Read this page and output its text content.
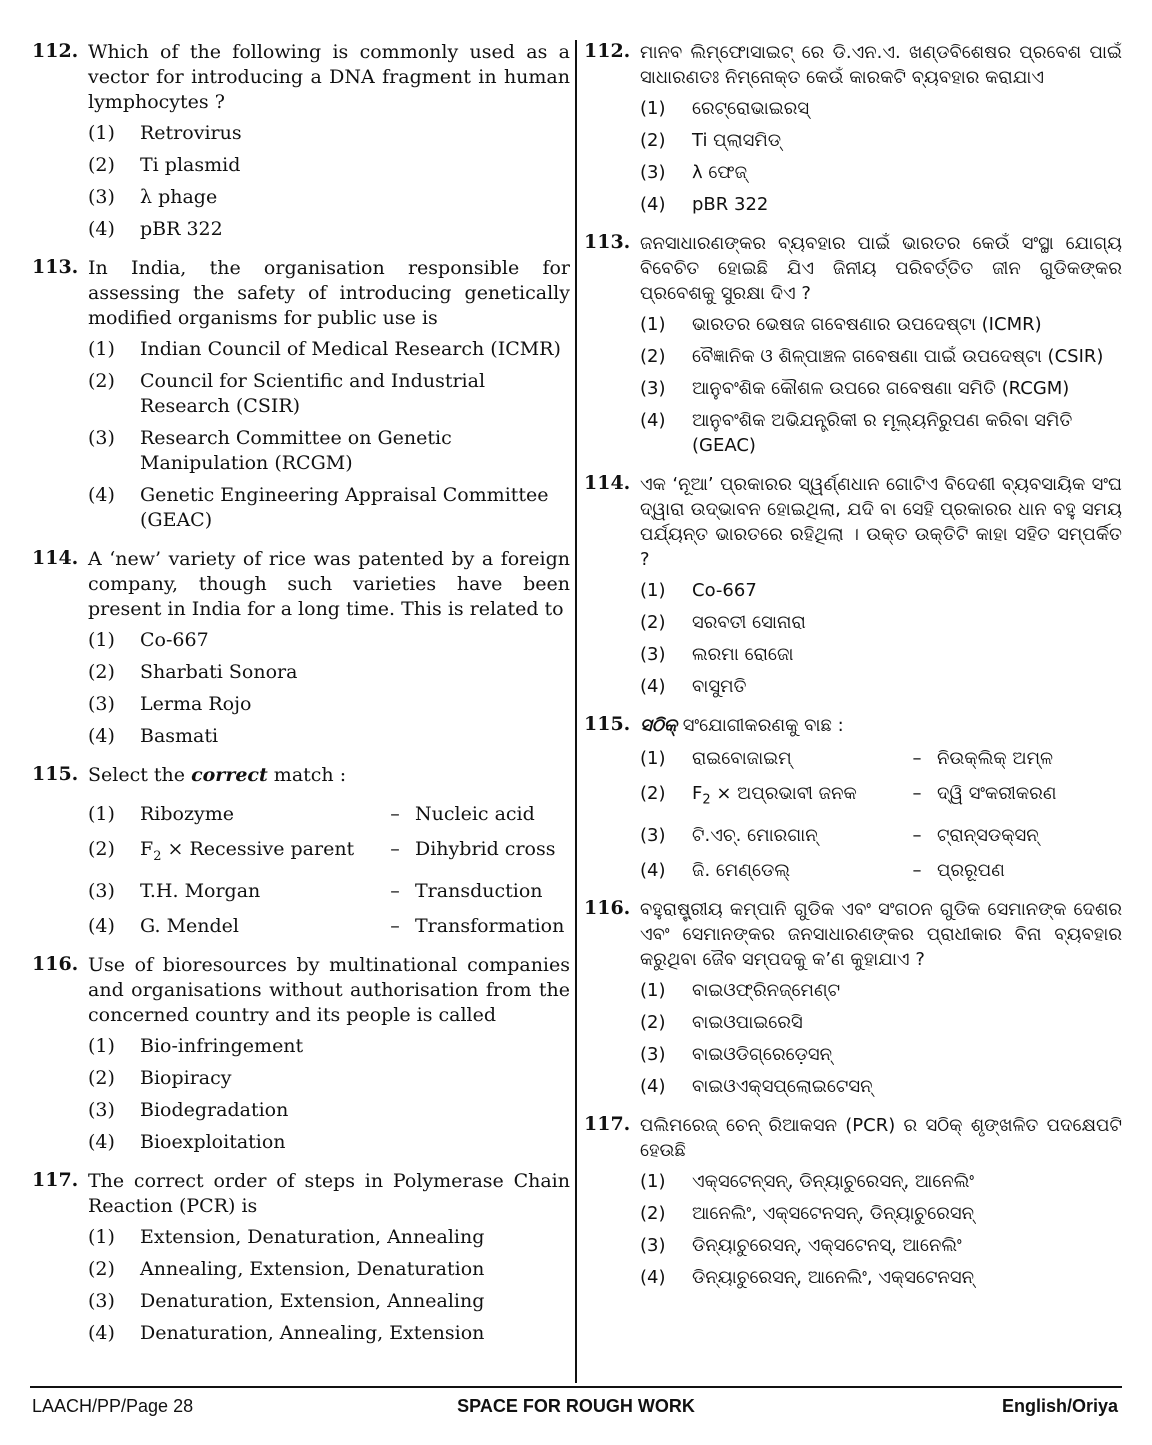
112. Which of the following is commonly used as a vector for introducing a DNA fragment in human lymphocytes ?
(1) Retrovirus
(2) Ti plasmid
(3) λ phage
(4) pBR 322
113. In India, the organisation responsible for assessing the safety of introducing genetically modified organisms for public use is
(1) Indian Council of Medical Research (ICMR)
(2) Council for Scientific and Industrial Research (CSIR)
(3) Research Committee on Genetic Manipulation (RCGM)
(4) Genetic Engineering Appraisal Committee (GEAC)
114. A ‘new’ variety of rice was patented by a foreign company, though such varieties have been present in India for a long time. This is related to
(1) Co-667
(2) Sharbati Sonora
(3) Lerma Rojo
(4) Basmati
115. Select the correct match :
(1)	Ribozyme	– Nucleic acid
(2)	$F_2$ × Recessive parent	– Dihybrid cross
(3)	T.H. Morgan	– Transduction
(4)	G. Mendel	– Transformation
116. Use of bioresources by multinational companies and organisations without authorisation from the concerned country and its people is called
(1) Bio-infringement
(2) Biopiracy
(3) Biodegradation
(4) Bioexploitation
117. The correct order of steps in Polymerase Chain Reaction (PCR) is
(1) Extension, Denaturation, Annealing
(2) Annealing, Extension, Denaturation
(3) Denaturation, Extension, Annealing
(4) Denaturation, Annealing, Extension
112. ମାନବ ଲିମ୍ଫୋସାଇଟ୍ ରେ ଡି.ଏନ.ଏ. ଖଣ୍ଡବିଶେଷର ପ୍ରବେଶ ପାଇଁ ସାଧାରଣତଃ ନିମ୍ନୋକ୍ତ କେଉଁ କାରକଟି ବ୍ୟବହାର କରାଯାଏ
(1) ରେଟ୍ରୋଭାଇରସ୍
(2) Ti ପ୍ଲାସମିଡ୍
(3) λ ଫେଜ୍
(4) pBR 322
113. ଜନସାଧାରଣଙ୍କର ବ୍ୟବହାର ପାଇଁ ଭାରତର କେଉଁ ସଂସ୍ଥା ଯୋଗ୍ୟ ବିବେଚିତ ହୋଇଛି ଯିଏ ଜିନୀୟ ପରିବର୍ତ୍ତିତ ଜୀନ ଗୁଡିକଙ୍କର ପ୍ରବେଶକୁ ସୁରକ୍ଷା ଦିଏ ?
(1) ଭାରତର ଭେଷଜ ଗବେଷଣାର ଉପଦେଷ୍ଟା (ICMR)
(2) ବୈଜ୍ଞାନିକ ଓ ଶିଳ୍ପାଞ୍ଚଳ ଗବେଷଣା ପାଇଁ ଉପଦେଷ୍ଟା (CSIR)
(3) ଆନୁବଂଶିକ କୌଶଳ ଉପରେ ଗବେଷଣା ସମିତି (RCGM)
(4) ଆନୁବଂଶିକ ଅଭିଯନ୍ତ୍ରିକୀ ର ମୂଲ୍ୟନିରୁପଣ କରିବା ସମିତି (GEAC)
114. ଏକ ‘ନୂଆ’ ପ୍ରକାରର ସ୍ୱର୍ଣ୍ଣଧାନ ଗୋଟିଏ ବିଦେଶୀ ବ୍ୟବସାୟିକ ସଂଘ ଦ୍ୱାରା ଉଦ୍ଭାବନ ହୋଇଥିଲା, ଯଦି ବା ସେହି ପ୍ରକାରର ଧାନ ବହୁ ସମୟ ପର୍ଯ୍ୟନ୍ତ ଭାରତରେ ରହିଥିଲା । ଉକ୍ତ ଉକ୍ତିଟି କାହା ସହିତ ସମ୍ପର୍କିତ ?
(1) Co-667
(2) ସରବତୀ ସୋନାରା
(3) ଲରମା ରୋଜୋ
(4) ବାସୁମତି
115. ସଠିକ୍ ସଂଯୋଗୀକରଣକୁ ବାଛ :
(1)	ରାଇବୋଜାଇମ୍	– ନିଉକ୍ଲିକ୍ ଅମ୍ଳ
(2)	$F_2$ × ଅପ୍ରଭାବୀ ଜନକ	– ଦ୍ୱି ସଂକରୀକରଣ
(3)	ଟି.ଏଚ୍. ମୋରଗାନ୍	– ଟ୍ରାନ୍ସଡକ୍ସନ୍
(4)	ଜି. ମେଣ୍ଡେଲ୍	– ପ୍ରରୂପଣ
116. ବହୁରାଷ୍ଟ୍ରୀୟ କମ୍ପାନି ଗୁଡିକ ଏବଂ ସଂଗଠନ ଗୁଡିକ ସେମାନଙ୍କ ଦେଶର ଏବଂ ସେମାନଙ୍କର ଜନସାଧାରଣଙ୍କର ପ୍ରାଧୀକାର ବିନା ବ୍ୟବହାର କରୁଥିବା ଜୈବ ସମ୍ପଦକୁ କ’ଣ କୁହାଯାଏ ?
(1) ବାଇଓଫ୍ରିନଜ୍‌ମେଣ୍ଟ
(2) ବାଇଓପାଇରେସି
(3) ବାଇଓଡିଗ୍ରେଡ଼େସନ୍
(4) ବାଇଓଏକ୍ସପ୍ଲୋଇଟେସନ୍
117. ପଲିମରେଜ୍ ଚେନ୍ ରିଆକସନ (PCR) ର ସଠିକ୍ ଶୃଙ୍ଖଳିତ ପଦକ୍ଷେପଟି ହେଉଛି
(1) ଏକ୍ସଟେନ୍‌ସନ୍, ଡିନ୍ୟାଚୁରେସନ୍, ଆନେଲିଂ
(2) ଆନେଲିଂ, ଏକ୍ସଟେନସନ୍, ଡିନ୍ୟାଚୁରେସନ୍
(3) ଡିନ୍ୟାଚୁରେସନ୍, ଏକ୍ସଟେନସ୍, ଆନେଲିଂ
(4) ଡିନ୍ୟାଚୁରେସନ୍, ଆନେଲିଂ, ଏକ୍ସଟେନସନ୍
LAACH/PP/Page 28	SPACE FOR ROUGH WORK	English/Oriya
